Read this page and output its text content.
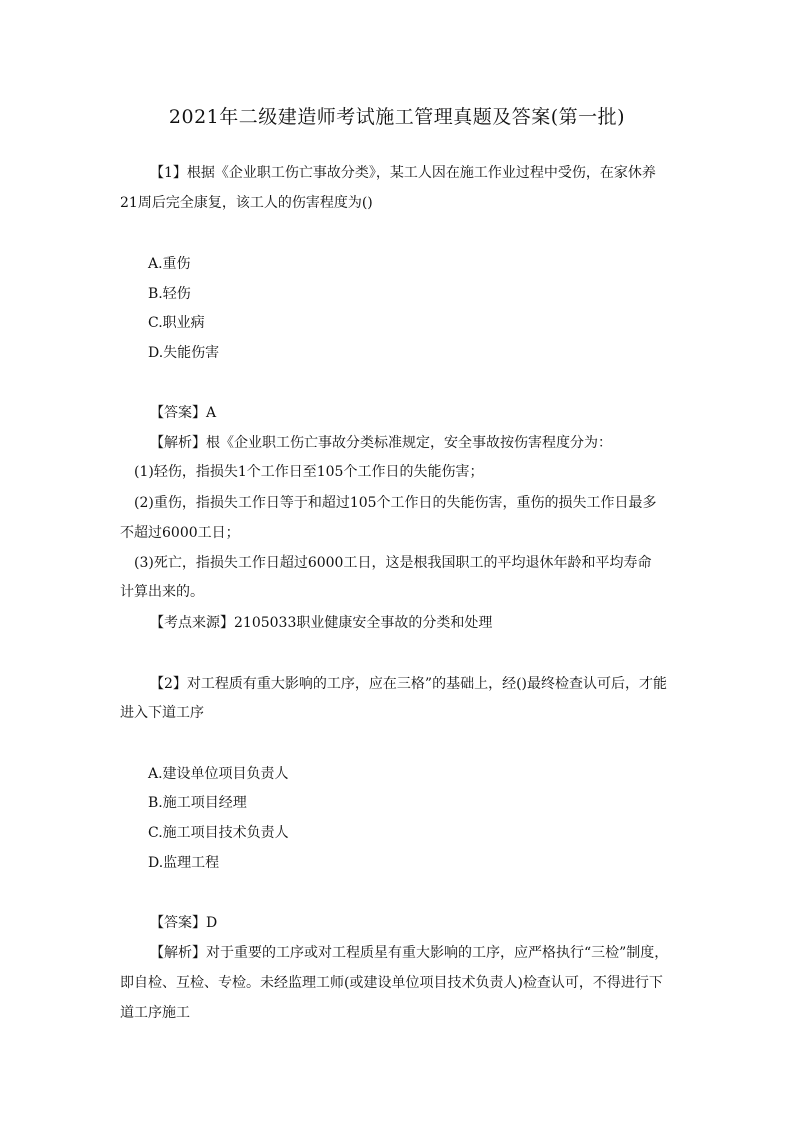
2021年二级建造师考试施工管理真题及答案(第一批)
【1】根据《企业职工伤亡事故分类》，某工人因在施工作业过程中受伤，在家休养
21周后完全康复，该工人的伤害程度为()
A.重伤
B.轻伤
C.职业病
D.失能伤害
【答案】A
【解析】根《企业职工伤亡事故分类标准规定，安全事故按伤害程度分为：
(1)轻伤，指损失1个工作日至105个工作日的失能伤害；
(2)重伤，指损失工作日等于和超过105个工作日的失能伤害，重伤的损失工作日最多
不超过6000工日；
(3)死亡，指损失工作日超过6000工日，这是根我国职工的平均退休年龄和平均寿命
计算出来的。
【考点来源】2105033职业健康安全事故的分类和处理
【2】对工程质有重大影响的工序，应在三格”的基础上，经()最终检查认可后，才能
进入下道工序
A.建设单位项目负责人
B.施工项目经理
C.施工项目技术负责人
D.监理工程
【答案】D
【解析】对于重要的工序或对工程质星有重大影响的工序，应严格执行“三检”制度，
即自检、互检、专检。未经监理工师(或建设单位项目技术负责人)检查认可，不得进行下
道工序施工
